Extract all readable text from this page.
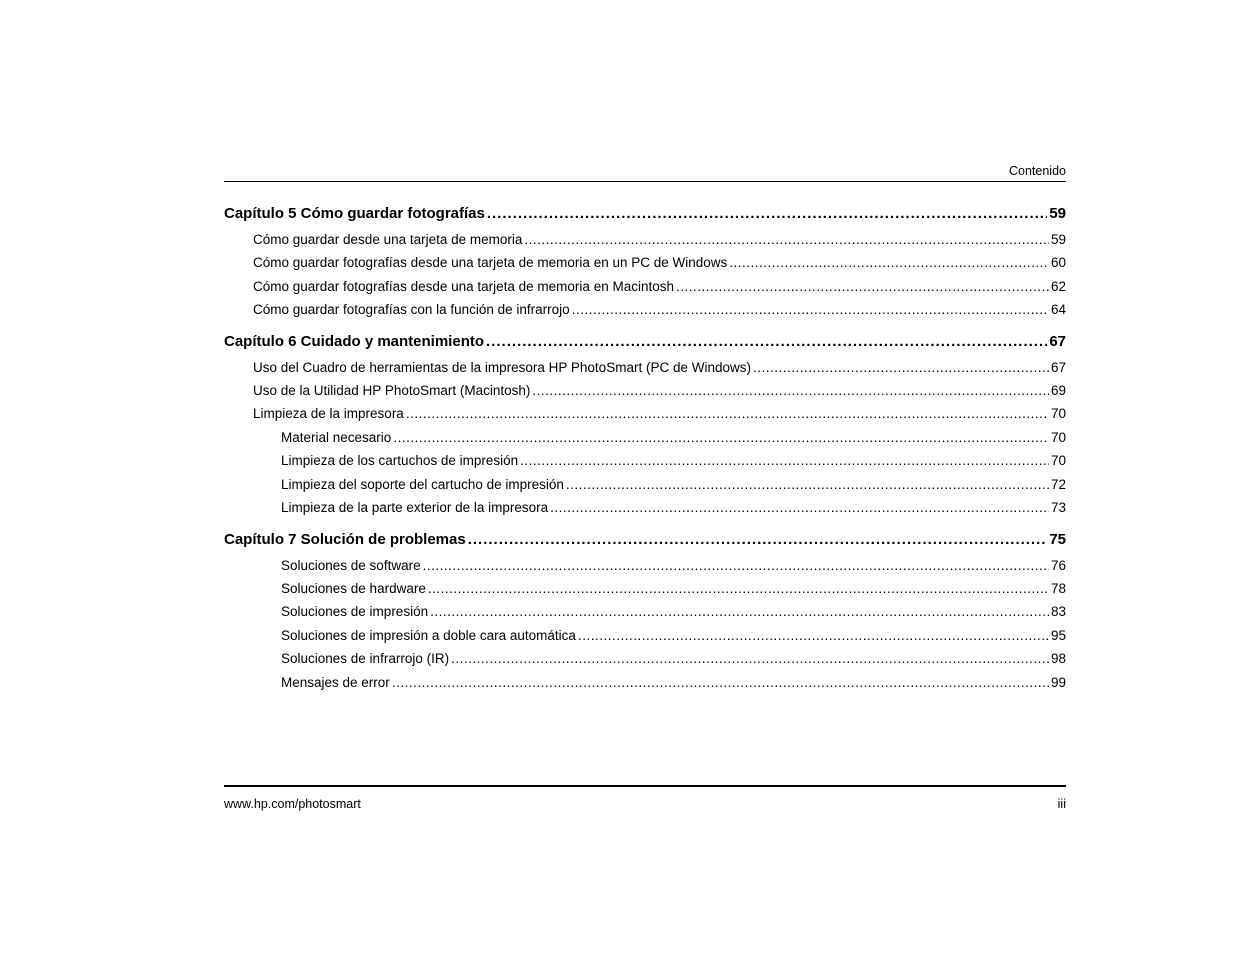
Contenido
Capítulo 5 Cómo guardar fotografías .....	59
Cómo guardar desde una tarjeta de memoria .....	59
Cómo guardar fotografías desde una tarjeta de memoria en un PC de Windows .....	60
Cómo guardar fotografías desde una tarjeta de memoria en Macintosh .....	62
Cómo guardar fotografías con la función de infrarrojo .....	64
Capítulo 6 Cuidado y mantenimiento .....	67
Uso del Cuadro de herramientas de la impresora HP PhotoSmart (PC de Windows) .....	67
Uso de la Utilidad HP PhotoSmart (Macintosh) .....	69
Limpieza de la impresora .....	70
Material necesario .....	70
Limpieza de los cartuchos de impresión .....	70
Limpieza del soporte del cartucho de impresión .....	72
Limpieza de la parte exterior de la impresora .....	73
Capítulo 7 Solución de problemas .....	75
Soluciones de software .....	76
Soluciones de hardware .....	78
Soluciones de impresión .....	83
Soluciones de impresión a doble cara automática .....	95
Soluciones de infrarrojo (IR) .....	98
Mensajes de error .....	99
www.hp.com/photosmart	iii
